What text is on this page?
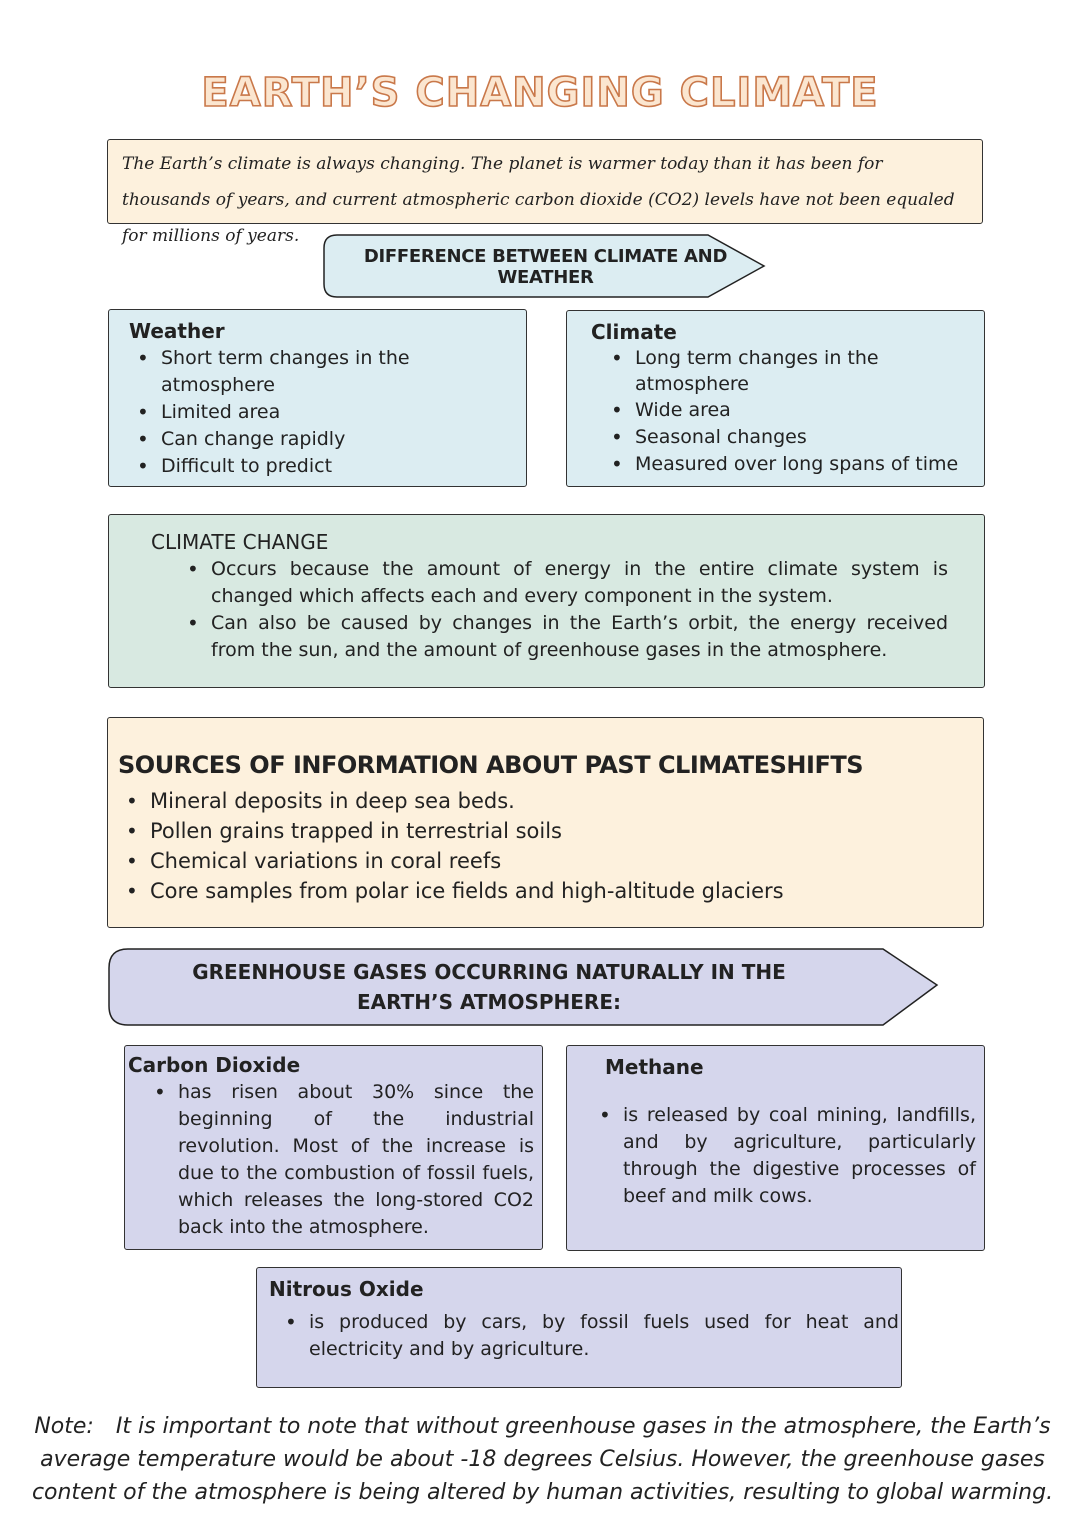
EARTH’S CHANGING CLIMATE
The Earth’s climate is always changing. The planet is warmer today than it has been for thousands of years, and current atmospheric carbon dioxide (CO2) levels have not been equaled for millions of years.
DIFFERENCE BETWEEN CLIMATE AND WEATHER
Weather
• Short term changes in the atmosphere
• Limited area
• Can change rapidly
• Difficult to predict
Climate
• Long term changes in the atmosphere
• Wide area
• Seasonal changes
• Measured over long spans of time
CLIMATE CHANGE
• Occurs because the amount of energy in the entire climate system is changed which affects each and every component in the system.
• Can also be caused by changes in the Earth’s orbit, the energy received from the sun, and the amount of greenhouse gases in the atmosphere.
SOURCES OF INFORMATION ABOUT PAST CLIMATESHIFTS
• Mineral deposits in deep sea beds.
• Pollen grains trapped in terrestrial soils
• Chemical variations in coral reefs
• Core samples from polar ice fields and high-altitude glaciers
GREENHOUSE GASES OCCURRING NATURALLY IN THE EARTH’S ATMOSPHERE:
Carbon Dioxide
• has risen about 30% since the beginning of the industrial revolution. Most of the increase is due to the combustion of fossil fuels, which releases the long-stored CO2 back into the atmosphere.
Methane
• is released by coal mining, landfills, and by agriculture, particularly through the digestive processes of beef and milk cows.
Nitrous Oxide
• is produced by cars, by fossil fuels used for heat and electricity and by agriculture.
Note: It is important to note that without greenhouse gases in the atmosphere, the Earth’s average temperature would be about -18 degrees Celsius. However, the greenhouse gases content of the atmosphere is being altered by human activities, resulting to global warming.
